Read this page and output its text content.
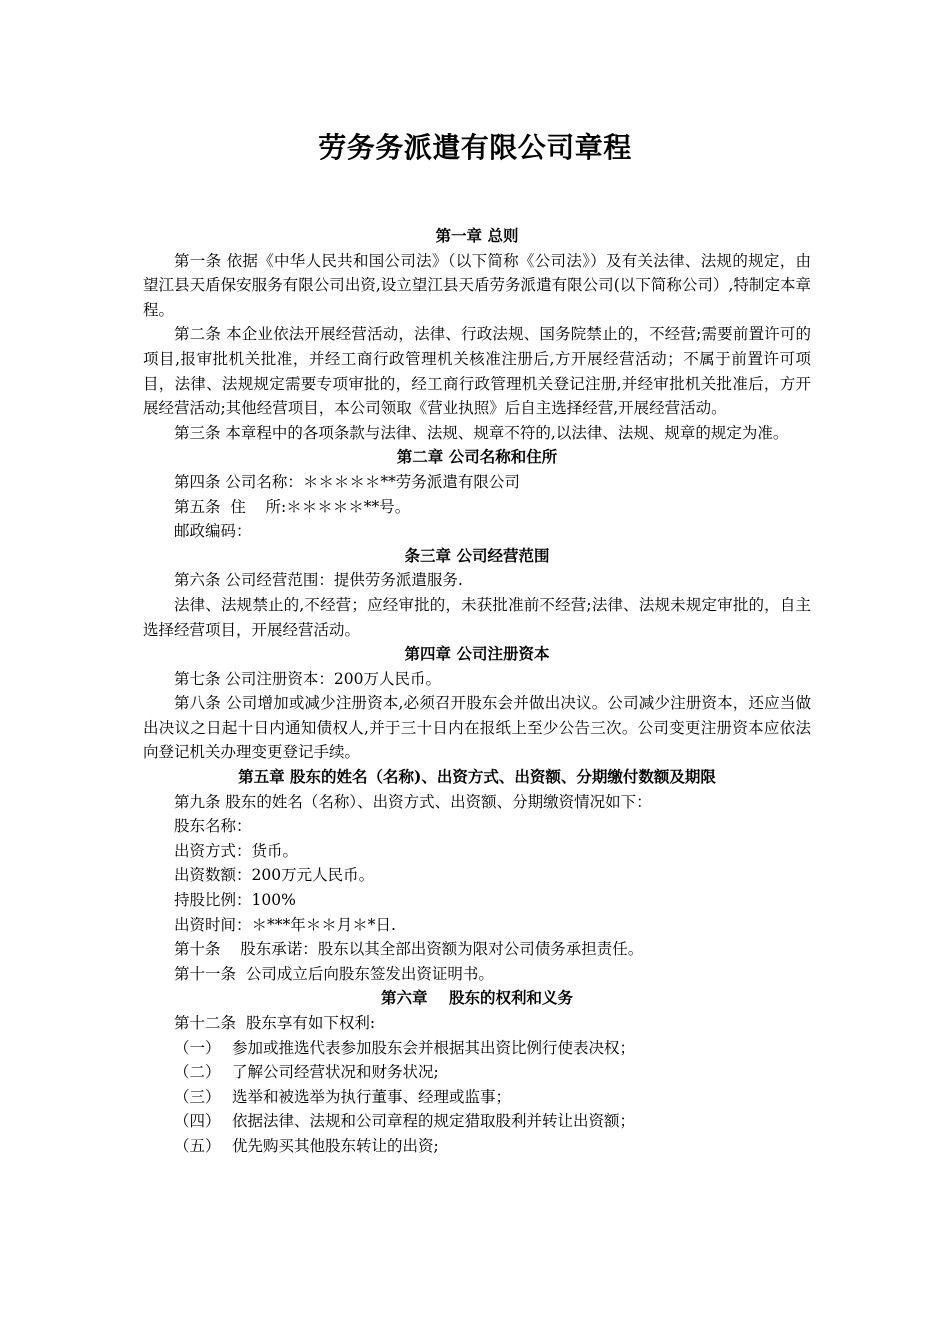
劳务务派遣有限公司章程

第一章 总则

第一条 依据《中华人民共和国公司法》（以下简称《公司法》）及有关法律、法规的规定，由望江县天盾保安服务有限公司出资,设立望江县天盾劳务派遣有限公司(以下简称公司）,特制定本章程。

第二条 本企业依法开展经营活动，法律、行政法规、国务院禁止的，不经营;需要前置许可的项目,报审批机关批准，并经工商行政管理机关核准注册后,方开展经营活动；不属于前置许可项目，法律、法规规定需要专项审批的，经工商行政管理机关登记注册,并经审批机关批准后，方开展经营活动;其他经营项目，本公司领取《营业执照》后自主选择经营,开展经营活动。

第三条 本章程中的各项条款与法律、法规、规章不符的,以法律、法规、规章的规定为准。

第二章 公司名称和住所

第四条 公司名称：＊＊＊＊＊**劳务派遣有限公司

第五条  住    所:＊＊＊＊＊**号。

邮政编码：

条三章 公司经营范围

第六条 公司经营范围：提供劳务派遣服务.

法律、法规禁止的,不经营；应经审批的，未获批准前不经营;法律、法规未规定审批的，自主选择经营项目，开展经营活动。

第四章 公司注册资本

第七条 公司注册资本：200万人民币。

第八条 公司增加或减少注册资本,必须召开股东会并做出决议。公司减少注册资本，还应当做出决议之日起十日内通知债权人,并于三十日内在报纸上至少公告三次。公司变更注册资本应依法向登记机关办理变更登记手续。

第五章 股东的姓名（名称)、出资方式、出资额、分期缴付数额及期限

第九条 股东的姓名（名称）、出资方式、出资额、分期缴资情况如下：

股东名称：

出资方式：货币。

出资数额：200万元人民币。

持股比例：100%

出资时间：＊***年＊＊月＊*日.

第十条    股东承诺：股东以其全部出资额为限对公司债务承担责任。

第十一条  公司成立后向股东签发出资证明书。

第六章    股东的权利和义务

第十二条  股东享有如下权利:

（一） 参加或推选代表参加股东会并根据其出资比例行使表决权；

（二） 了解公司经营状况和财务状况;

（三） 选举和被选举为执行董事、经理或监事；

（四） 依据法律、法规和公司章程的规定猎取股利并转让出资额；

（五） 优先购买其他股东转让的出资;
